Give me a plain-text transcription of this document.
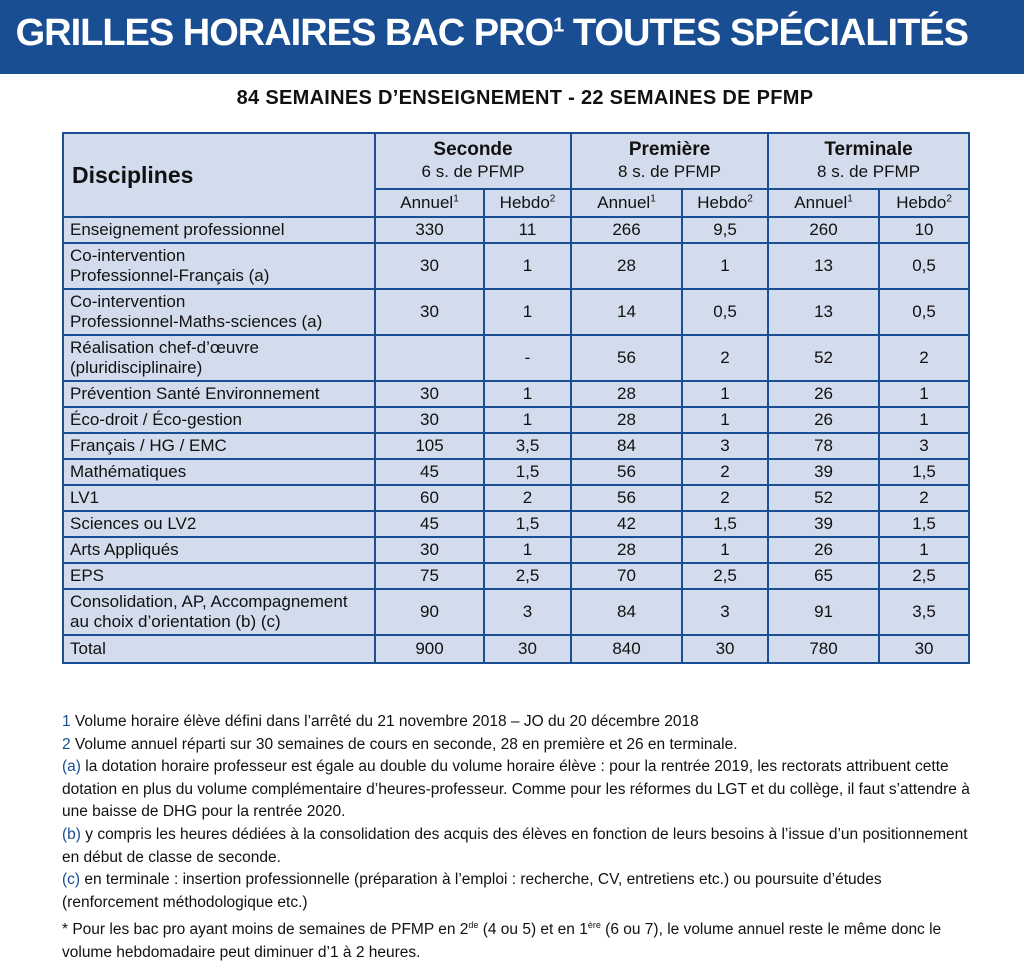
GRILLES HORAIRES BAC PRO$^1$ TOUTES SPÉCIALITÉS
84 SEMAINES D’ENSEIGNEMENT - 22 SEMAINES DE PFMP
Disciplines	Seconde
6 s. de PFMP		Première
8 s. de PFMP		Terminale
8 s. de PFMP	
	Annuel$^1$	Hebdo$^2$	Annuel$^1$	Hebdo$^2$	Annuel$^1$	Hebdo$^2$
Enseignement professionnel	330	11	266	9,5	260	10
Co-intervention
Professionnel-Français (a)	30	1	28	1	13	0,5
Co-intervention
Professionnel-Maths-sciences (a)	30	1	14	0,5	13	0,5
Réalisation chef-d’œuvre
(pluridisciplinaire)		-	56	2	52	2
Prévention Santé Environnement	30	1	28	1	26	1
Éco-droit / Éco-gestion	30	1	28	1	26	1
Français / HG / EMC	105	3,5	84	3	78	3
Mathématiques	45	1,5	56	2	39	1,5
LV1	60	2	56	2	52	2
Sciences ou LV2	45	1,5	42	1,5	39	1,5
Arts Appliqués	30	1	28	1	26	1
EPS	75	2,5	70	2,5	65	2,5
Consolidation, AP, Accompagnement
au choix d’orientation (b) (c)	90	3	84	3	91	3,5
Total	900	30	840	30	780	30

1 Volume horaire élève défini dans l’arrêté du 21 novembre 2018 – JO du 20 décembre 2018

2 Volume annuel réparti sur 30 semaines de cours en seconde, 28 en première et 26 en terminale.

(a) la dotation horaire professeur est égale au double du volume horaire élève : pour la rentrée 2019, les rectorats attribuent cette dotation en plus du volume complémentaire d’heures-professeur. Comme pour les réformes du LGT et du collège, il faut s’attendre à une baisse de DHG pour la rentrée 2020.

(b) y compris les heures dédiées à la consolidation des acquis des élèves en fonction de leurs besoins à l’issue d’un positionnement en début de classe de seconde.

(c) en terminale : insertion professionnelle (préparation à l’emploi : recherche, CV, entretiens etc.) ou poursuite d’études (renforcement méthodologique etc.)

* Pour les bac pro ayant moins de semaines de PFMP en 2de (4 ou 5) et en 1ère (6 ou 7), le volume annuel reste le même donc le volume hebdomadaire peut diminuer d’1 à 2 heures.
